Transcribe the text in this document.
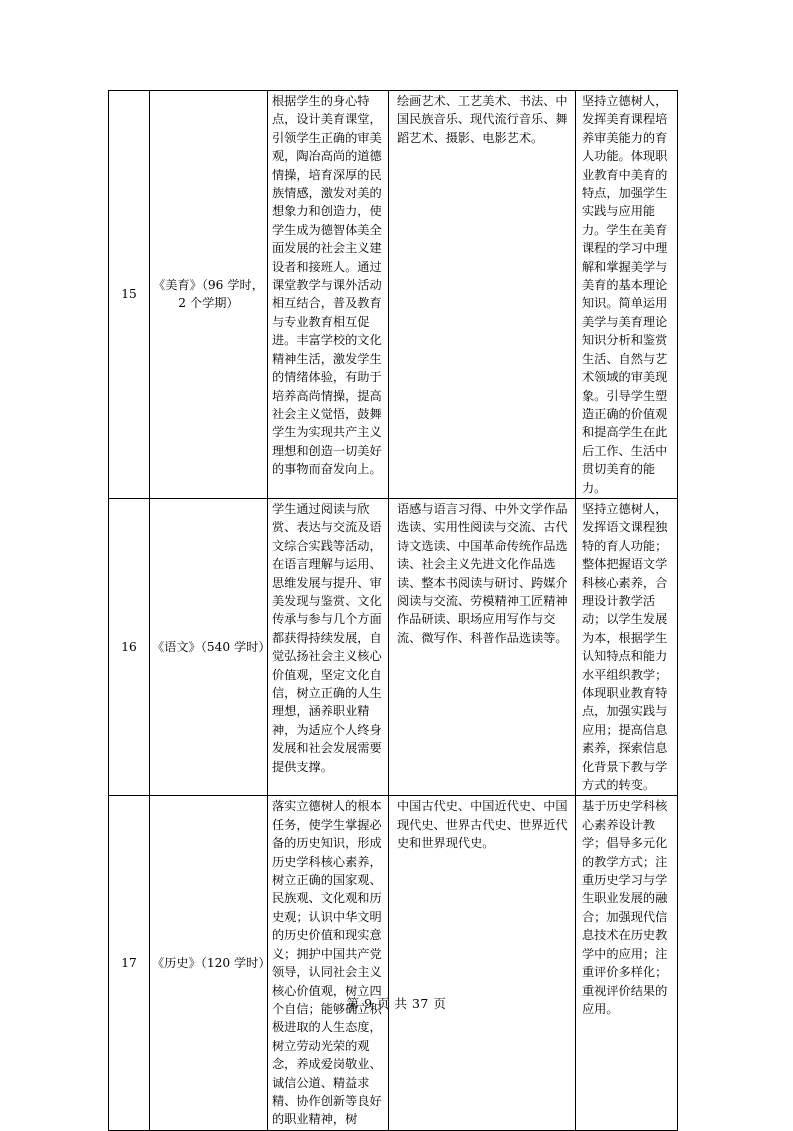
15	《美育》（96 学时，2 个学期）	根据学生的身心特点，设计美育课堂，引领学生正确的审美观，陶冶高尚的道德情操，培育深厚的民族情感，激发对美的想象力和创造力，使学生成为德智体美全面发展的社会主义建设者和接班人。通过课堂教学与课外活动相互结合，普及教育与专业教育相互促进。丰富学校的文化精神生活，激发学生的情绪体验，有助于培养高尚情操，提高社会主义觉悟，鼓舞学生为实现共产主义理想和创造一切美好的事物而奋发向上。	绘画艺术、工艺美术、书法、中国民族音乐、现代流行音乐、舞蹈艺术、摄影、电影艺术。	坚持立德树人，发挥美育课程培养审美能力的育人功能。体现职业教育中美育的特点，加强学生实践与应用能力。学生在美育课程的学习中理解和掌握美学与美育的基本理论知识。简单运用美学与美育理论知识分析和鉴赏生活、自然与艺术领域的审美现象。引导学生塑造正确的价值观和提高学生在此后工作、生活中贯切美育的能力。
16	《语文》（540 学时）	学生通过阅读与欣赏、表达与交流及语文综合实践等活动，在语言理解与运用、思维发展与提升、审美发现与鉴赏、文化传承与参与几个方面都获得持续发展，自觉弘扬社会主义核心价值观，坚定文化自信，树立正确的人生理想，涵养职业精神，为适应个人终身发展和社会发展需要提供支撑。	语感与语言习得、中外文学作品选读、实用性阅读与交流、古代诗文选读、中国革命传统作品选读、社会主义先进文化作品选读、整本书阅读与研讨、跨媒介阅读与交流、劳模精神工匠精神作品研读、职场应用写作与交流、微写作、科普作品选读等。	坚持立德树人，发挥语文课程独特的育人功能；整体把握语文学科核心素养，合理设计教学活动；以学生发展为本，根据学生认知特点和能力水平组织教学；体现职业教育特点，加强实践与应用；提高信息素养，探索信息化背景下教与学方式的转变。
17	《历史》（120 学时）	落实立德树人的根本任务，使学生掌握必备的历史知识，形成历史学科核心素养，树立正确的国家观、民族观、文化观和历史观；认识中华文明的历史价值和现实意义；拥护中国共产党领导，认同社会主义核心价值观，树立四个自信；能够确立积极进取的人生态度，树立劳动光荣的观念，养成爱岗敬业、诚信公道、精益求精、协作创新等良好的职业精神，树	中国古代史、中国近代史、中国现代史、世界古代史、世界近代史和世界现代史。	基于历史学科核心素养设计教学；倡导多元化的教学方式；注重历史学习与学生职业发展的融合；加强现代信息技术在历史教学中的应用；注重评价多样化；重视评价结果的应用。
第 9 页 共 37 页
